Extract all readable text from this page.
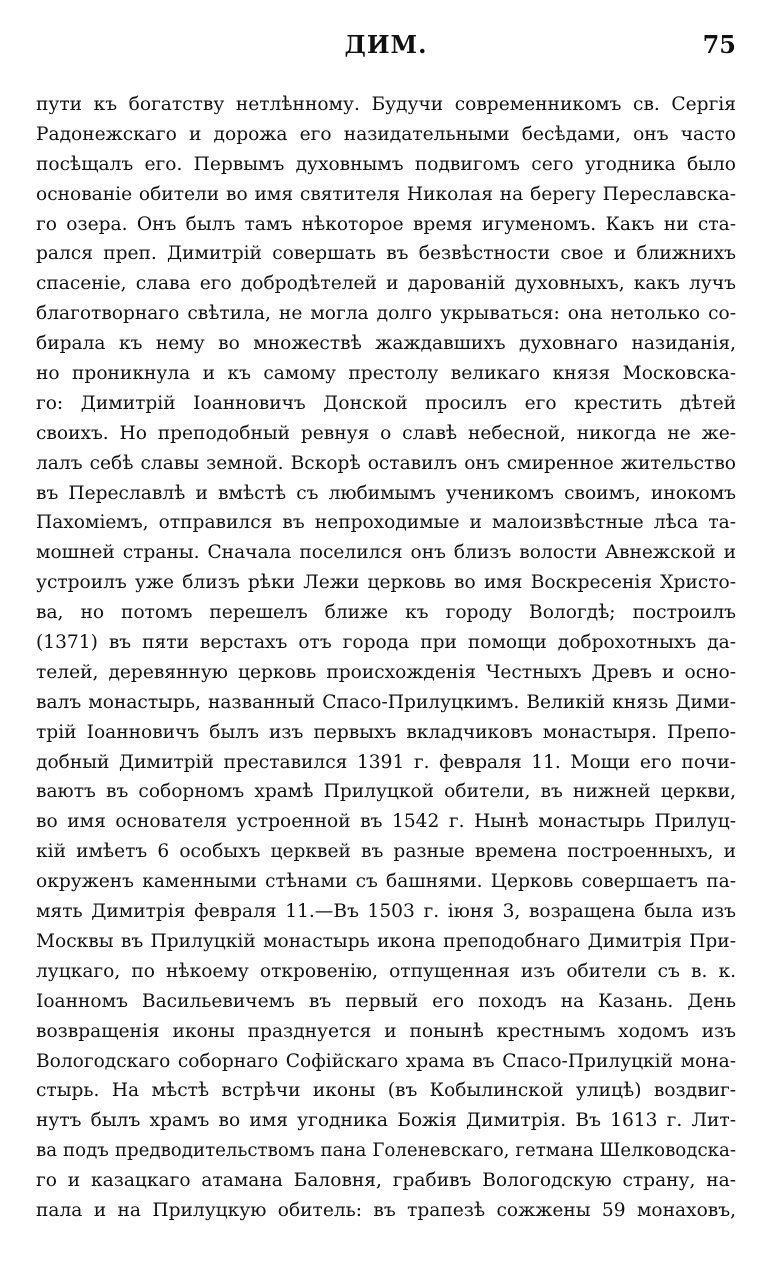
ДИМ.	75
пути къ богатству нетлѣнному. Будучи современникомъ св. Сергія
Радонежскаго и дорожа его назидательными бесѣдами, онъ часто
посѣщалъ его. Первымъ духовнымъ подвигомъ сего угодника было
основаніе обители во имя святителя Николая на берегу Переславска-
го озера. Онъ былъ тамъ нѣкоторое время игуменомъ. Какъ ни ста-
рался преп. Димитрій совершать въ безвѣстности свое и ближнихъ
спасеніе, слава его добродѣтелей и дарованій духовныхъ, какъ лучъ
благотворнаго свѣтила, не могла долго укрываться: она нетолько со-
бирала къ нему во множествѣ жаждавшихъ духовнаго назиданія,
но проникнула и къ самому престолу великаго князя Московска-
го: Димитрій Іоанновичъ Донской просилъ его крестить дѣтей
своихъ. Но преподобный ревнуя о славѣ небесной, никогда не же-
лалъ себѣ славы земной. Вскорѣ оставилъ онъ смиренное жительство
въ Переславлѣ и вмѣстѣ съ любимымъ ученикомъ своимъ, инокомъ
Пахоміемъ, отправился въ непроходимые и малоизвѣстные лѣса та-
мошней страны. Сначала поселился онъ близъ волости Авнежской и
устроилъ уже близъ рѣки Лежи церковь во имя Воскресенія Христо-
ва, но потомъ перешелъ ближе къ городу Вологдѣ; построилъ
(1371) въ пяти верстахъ отъ города при помощи доброхотныхъ да-
телей, деревянную церковь происхожденія Честныхъ Древъ и осно-
валъ монастырь, названный Спасо-Прилуцкимъ. Великій князь Дими-
трій Іоанновичъ былъ изъ первыхъ вкладчиковъ монастыря. Препо-
добный Димитрій преставился 1391 г. февраля 11. Мощи его почи-
ваютъ въ соборномъ храмѣ Прилуцкой обители, въ нижней церкви,
во имя основателя устроенной въ 1542 г. Нынѣ монастырь Прилуц-
кій имѣетъ 6 особыхъ церквей въ разные времена построенныхъ, и
окруженъ каменными стѣнами съ башнями. Церковь совершаетъ па-
мять Димитрія февраля 11.—Въ 1503 г. іюня 3, возращена была изъ
Москвы въ Прилуцкій монастырь икона преподобнаго Димитрія При-
луцкаго, по нѣкоему откровенію, отпущенная изъ обители съ в. к.
Іоанномъ Васильевичемъ въ первый его походъ на Казань. День
возвращенія иконы празднуется и понынѣ крестнымъ ходомъ изъ
Вологодскаго соборнаго Софійскаго храма въ Спасо-Прилуцкій мона-
стырь. На мѣстѣ встрѣчи иконы (въ Кобылинской улицѣ) воздвиг-
нутъ былъ храмъ во имя угодника Божія Димитрія. Въ 1613 г. Лит-
ва подъ предводительствомъ пана Голеневскаго, гетмана Шелководска-
го и казацкаго атамана Баловня, грабивъ Вологодскую страну, на-
пала и на Прилуцкую обитель: въ трапезѣ сожжены 59 монаховъ,
